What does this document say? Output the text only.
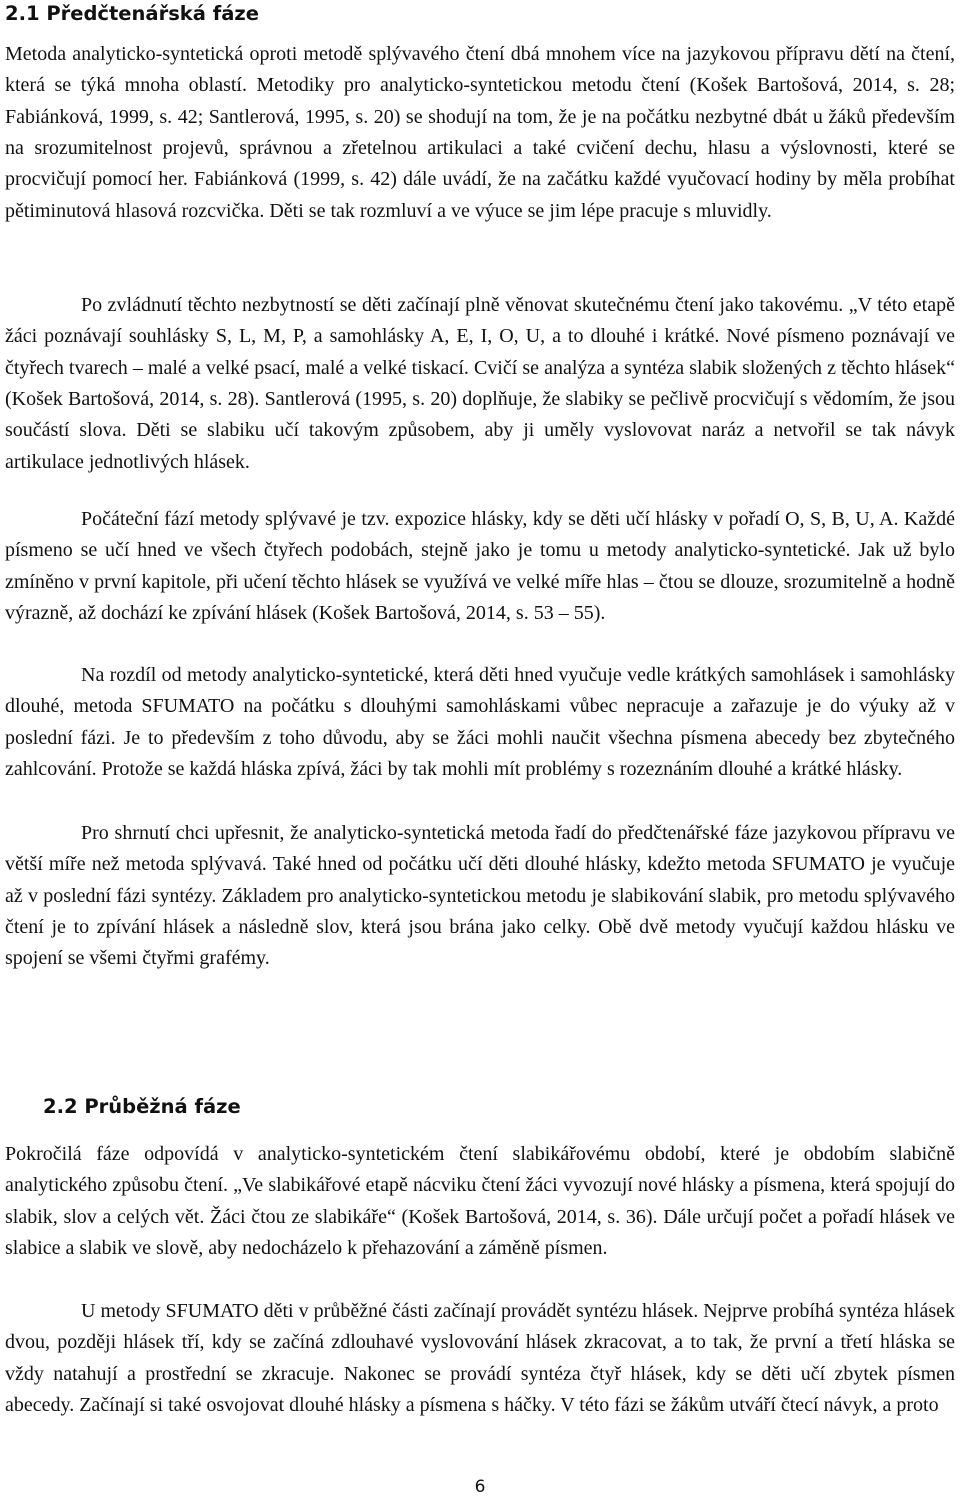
2.1 Předčtenářská fáze

Metoda analyticko-syntetická oproti metodě splývavého čtení dbá mnohem více na jazykovou přípravu dětí na čtení, která se týká mnoha oblastí. Metodiky pro analyticko-syntetickou metodu čtení (Košek Bartošová, 2014, s. 28; Fabiánková, 1999, s. 42; Santlerová, 1995, s. 20) se shodují na tom, že je na počátku nezbytné dbát u žáků především na srozumitelnost projevů, správnou a zřetelnou artikulaci a také cvičení dechu, hlasu a výslovnosti, které se procvičují pomocí her. Fabiánková (1999, s. 42) dále uvádí, že na začátku každé vyučovací hodiny by měla probíhat pětiminutová hlasová rozcvička. Děti se tak rozmluví a ve výuce se jim lépe pracuje s mluvidly.

Po zvládnutí těchto nezbytností se děti začínají plně věnovat skutečnému čtení jako takovému. „V této etapě žáci poznávají souhlásky S, L, M, P, a samohlásky A, E, I, O, U, a to dlouhé i krátké. Nové písmeno poznávají ve čtyřech tvarech – malé a velké psací, malé a velké tiskací. Cvičí se analýza a syntéza slabik složených z těchto hlásek“ (Košek Bartošová, 2014, s. 28). Santlerová (1995, s. 20) doplňuje, že slabiky se pečlivě procvičují s vědomím, že jsou součástí slova. Děti se slabiku učí takovým způsobem, aby ji uměly vyslovovat naráz a netvořil se tak návyk artikulace jednotlivých hlásek.

Počáteční fází metody splývavé je tzv. expozice hlásky, kdy se děti učí hlásky v pořadí O, S, B, U, A. Každé písmeno se učí hned ve všech čtyřech podobách, stejně jako je tomu u metody analyticko-syntetické. Jak už bylo zmíněno v první kapitole, při učení těchto hlásek se využívá ve velké míře hlas – čtou se dlouze, srozumitelně a hodně výrazně, až dochází ke zpívání hlásek (Košek Bartošová, 2014, s. 53 – 55).

Na rozdíl od metody analyticko-syntetické, která děti hned vyučuje vedle krátkých samohlásek i samohlásky dlouhé, metoda SFUMATO na počátku s dlouhými samohláskami vůbec nepracuje a zařazuje je do výuky až v poslední fázi. Je to především z toho důvodu, aby se žáci mohli naučit všechna písmena abecedy bez zbytečného zahlcování. Protože se každá hláska zpívá, žáci by tak mohli mít problémy s rozeznáním dlouhé a krátké hlásky.

Pro shrnutí chci upřesnit, že analyticko-syntetická metoda řadí do předčtenářské fáze jazykovou přípravu ve větší míře než metoda splývavá. Také hned od počátku učí děti dlouhé hlásky, kdežto metoda SFUMATO je vyučuje až v poslední fázi syntézy. Základem pro analyticko-syntetickou metodu je slabikování slabik, pro metodu splývavého čtení je to zpívání hlásek a následně slov, která jsou brána jako celky. Obě dvě metody vyučují každou hlásku ve spojení se všemi čtyřmi grafémy.

2.2 Průběžná fáze

Pokročilá fáze odpovídá v analyticko-syntetickém čtení slabikářovému období, které je obdobím slabičně analytického způsobu čtení. „Ve slabikářové etapě nácviku čtení žáci vyvozují nové hlásky a písmena, která spojují do slabik, slov a celých vět. Žáci čtou ze slabikáře“ (Košek Bartošová, 2014, s. 36). Dále určují počet a pořadí hlásek ve slabice a slabik ve slově, aby nedocházelo k přehazování a záměně písmen.

U metody SFUMATO děti v průběžné části začínají provádět syntézu hlásek. Nejprve probíhá syntéza hlásek dvou, později hlásek tří, kdy se začíná zdlouhavé vyslovování hlásek zkracovat, a to tak, že první a třetí hláska se vždy natahují a prostřední se zkracuje. Nakonec se provádí syntéza čtyř hlásek, kdy se děti učí zbytek písmen abecedy. Začínají si také osvojovat dlouhé hlásky a písmena s háčky. V této fázi se žákům utváří čtecí návyk, a proto

6
